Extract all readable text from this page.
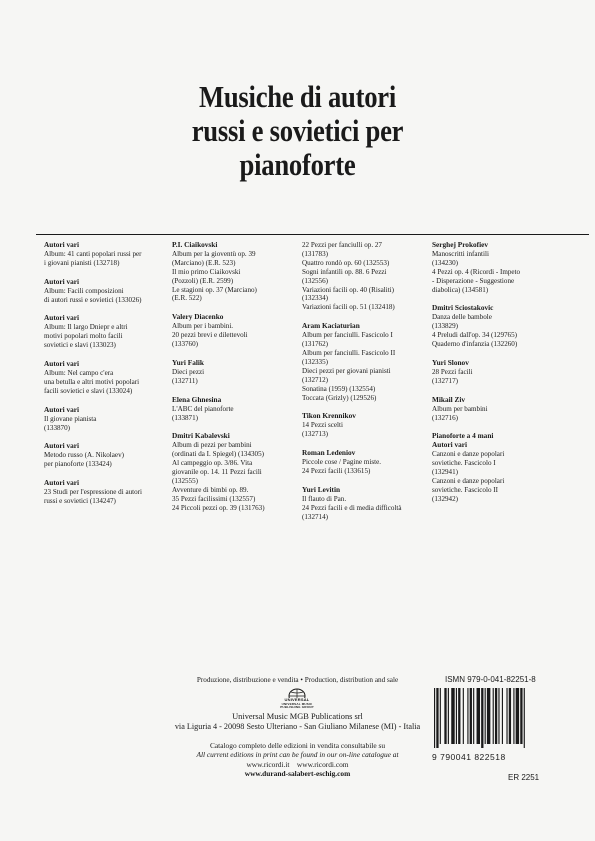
Musiche di autori
russi e sovietici per
pianoforte
Autori vari
Album: 41 canti popolari russi per
i giovani pianisti (132718)
Autori vari
Album: Facili composizioni
di autori russi e sovietici (133026)
Autori vari
Album: Il largo Dniepr e altri
motivi popolari molto facili
sovietici e slavi (133023)
Autori vari
Album: Nel campo c'era
una betulla e altri motivi popolari
facili sovietici e slavi (133024)
Autori vari
Il giovane pianista
(133870)
Autori vari
Metodo russo (A. Nikolaev)
per pianoforte (133424)
Autori vari
23 Studi per l'espressione di autori
russi e sovietici (134247)
P.I. Ciaikovski
Album per la gioventù op. 39
(Marciano) (E.R. 523)
Il mio primo Ciaikovski
(Pozzoli) (E.R. 2599)
Le stagioni op. 37 (Marciano)
(E.R. 522)
Valery Diacenko
Album per i bambini.
20 pezzi brevi e dilettevoli
(133760)
Yuri Falik
Dieci pezzi
(132711)
Elena Ghnesina
L'ABC del pianoforte
(133871)
Dmitri Kabalevski
Album di pezzi per bambini
(ordinati da I. Spiegel) (134305)
Al campeggio op. 3/86. Vita
giovanile op. 14. 11 Pezzi facili
(132555)
Avventure di bimbi op. 89.
35 Pezzi facilissimi (132557)
24 Piccoli pezzi op. 39 (131763)
22 Pezzi per fanciulli op. 27
(131783)
Quattro rondò op. 60 (132553)
Sogni infantili op. 88. 6 Pezzi
(132556)
Variazioni facili op. 40 (Risaliti)
(132334)
Variazioni facili op. 51 (132418)
Aram Kaciaturian
Album per fanciulli. Fascicolo I
(131762)
Album per fanciulli. Fascicolo II
(132335)
Dieci pezzi per giovani pianisti
(132712)
Sonatina (1959) (132554)
Toccata (Grizly) (129526)
Tikon Krennikov
14 Pezzi scelti
(132713)
Roman Ledeniov
Piccole cose / Pagine miste.
24 Pezzi facili (133615)
Yuri Levitin
Il flauto di Pan.
24 Pezzi facili e di media difficoltà
(132714)
Serghej Prokofiev
Manoscritti infantili
(134230)
4 Pezzi op. 4 (Ricordi - Impeto
- Disperazione - Suggestione
diabolica) (134581)
Dmitri Sciostakovic
Danza delle bambole
(133829)
4 Preludi dall'op. 34 (129765)
Quaderno d'infanzia (132260)
Yuri Slonov
28 Pezzi facili
(132717)
Mikail Ziv
Album per bambini
(132716)
Pianoforte a 4 mani
Autori vari
Canzoni e danze popolari
sovietiche. Fascicolo I
(132941)
Canzoni e danze popolari
sovietiche. Fascicolo II
(132942)
Produzione, distribuzione e vendita • Production, distribution and sale
UNIVERSAL
UNIVERSAL MUSIC
PUBLISHING GROUP
Universal Music MGB Publications srl
via Liguria 4 - 20098 Sesto Ulteriano - San Giuliano Milanese (MI) - Italia
Catalogo completo delle edizioni in vendita consultabile su
All current editions in print can be found in our on-line catalogue at
www.ricordi.it www.ricordi.com
www.durand-salabert-eschig.com
ISMN 979-0-041-82251-8
9 790041 822518
ER 2251
